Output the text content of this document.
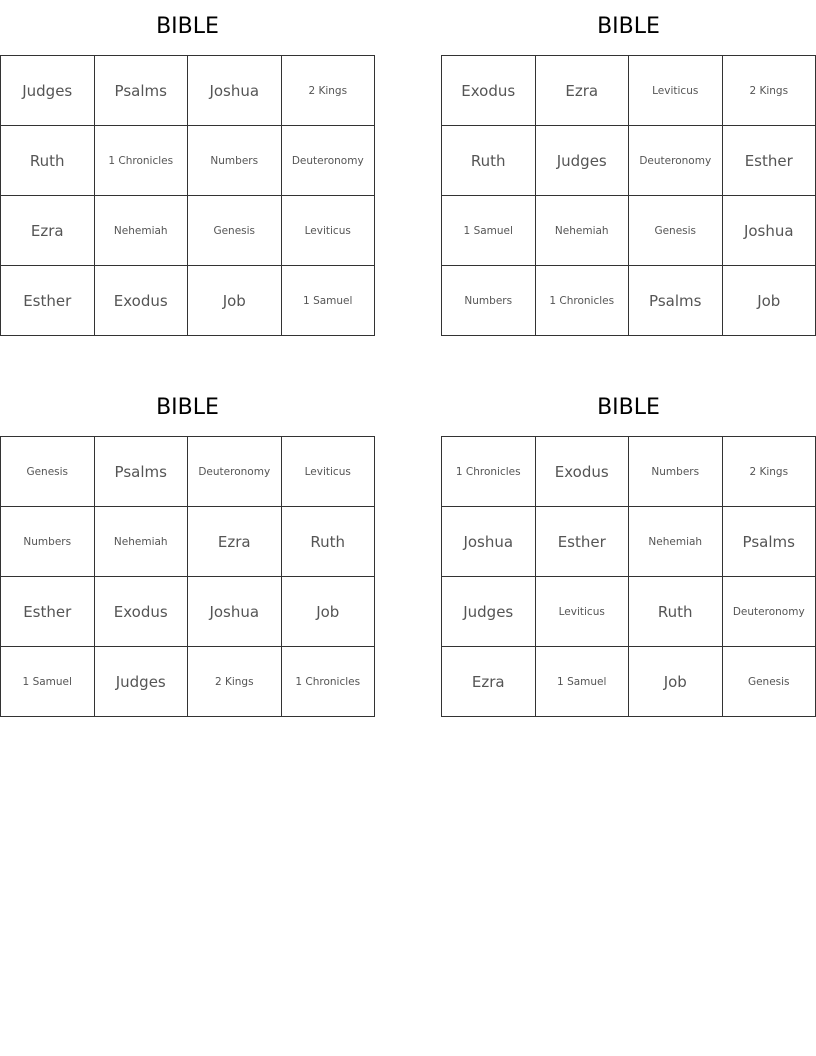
BIBLE
Judges	Psalms	Joshua	2 Kings
Ruth	1 Chronicles	Numbers	Deuteronomy
Ezra	Nehemiah	Genesis	Leviticus
Esther	Exodus	Job	1 Samuel
BIBLE
Exodus	Ezra	Leviticus	2 Kings
Ruth	Judges	Deuteronomy	Esther
1 Samuel	Nehemiah	Genesis	Joshua
Numbers	1 Chronicles	Psalms	Job
BIBLE
Genesis	Psalms	Deuteronomy	Leviticus
Numbers	Nehemiah	Ezra	Ruth
Esther	Exodus	Joshua	Job
1 Samuel	Judges	2 Kings	1 Chronicles
BIBLE
1 Chronicles	Exodus	Numbers	2 Kings
Joshua	Esther	Nehemiah	Psalms
Judges	Leviticus	Ruth	Deuteronomy
Ezra	1 Samuel	Job	Genesis
